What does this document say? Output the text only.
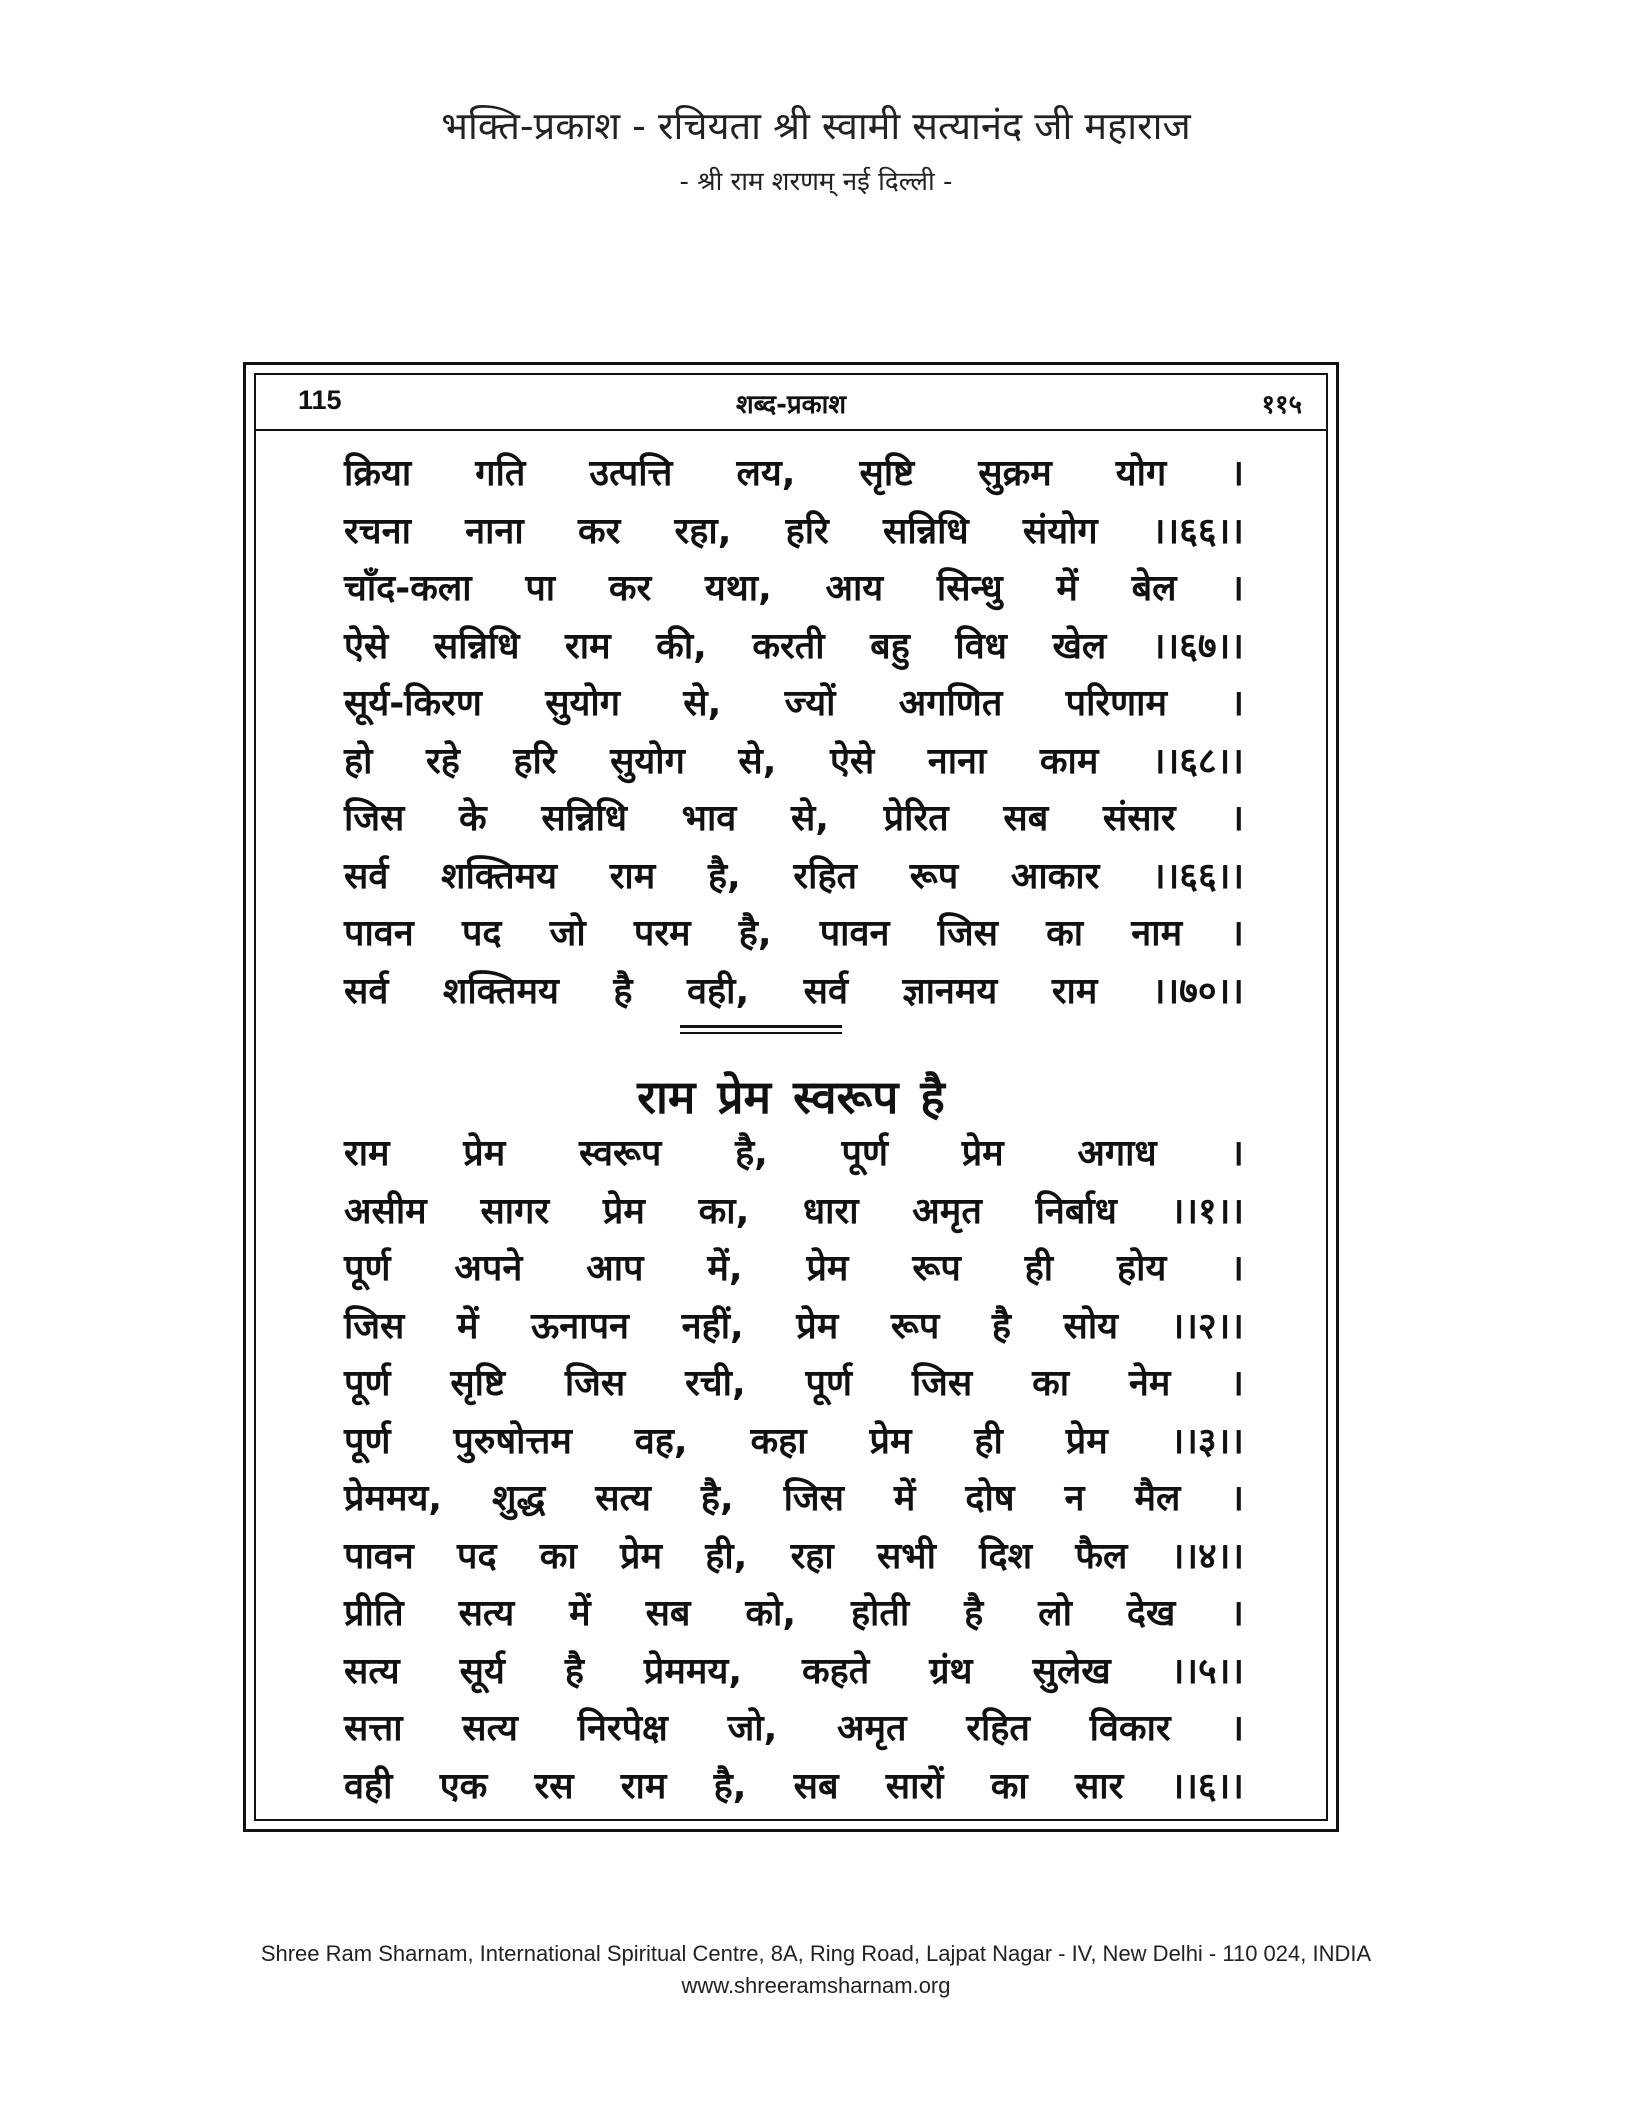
भक्ति-प्रकाश - रचियता श्री स्वामी सत्यानंद जी महाराज
- श्री राम शरणम् नई दिल्ली -
115	शब्द-प्रकाश	११५
क्रिया गति उत्पत्ति लय, सृष्टि सुक्रम योग ।
रचना नाना कर रहा, हरि सन्निधि संयोग ।।६६।।
चाँद-कला पा कर यथा, आय सिन्धु में बेल ।
ऐसे सन्निधि राम की, करती बहु विध खेल ।।६७।।
सूर्य-किरण सुयोग से, ज्यों अगणित परिणाम ।
हो रहे हरि सुयोग से, ऐसे नाना काम ।।६८।।
जिस के सन्निधि भाव से, प्रेरित सब संसार ।
सर्व शक्तिमय राम है, रहित रूप आकार ।।६६।।
पावन पद जो परम है, पावन जिस का नाम ।
सर्व शक्तिमय है वही, सर्व ज्ञानमय राम ।।७०।।
राम प्रेम स्वरूप है
राम प्रेम स्वरूप है, पूर्ण प्रेम अगाध ।
असीम सागर प्रेम का, धारा अमृत निर्बाध ।।१।।
पूर्ण अपने आप में, प्रेम रूप ही होय ।
जिस में ऊनापन नहीं, प्रेम रूप है सोय ।।२।।
पूर्ण सृष्टि जिस रची, पूर्ण जिस का नेम ।
पूर्ण पुरुषोत्तम वह, कहा प्रेम ही प्रेम ।।३।।
प्रेममय, शुद्ध सत्य है, जिस में दोष न मैल ।
पावन पद का प्रेम ही, रहा सभी दिश फैल ।।४।।
प्रीति सत्य में सब को, होती है लो देख ।
सत्य सूर्य है प्रेममय, कहते ग्रंथ सुलेख ।।५।।
सत्ता सत्य निरपेक्ष जो, अमृत रहित विकार ।
वही एक रस राम है, सब सारों का सार ।।६।।
Shree Ram Sharnam, International Spiritual Centre, 8A, Ring Road, Lajpat Nagar - IV, New Delhi - 110 024, INDIA
www.shreeramsharnam.org
